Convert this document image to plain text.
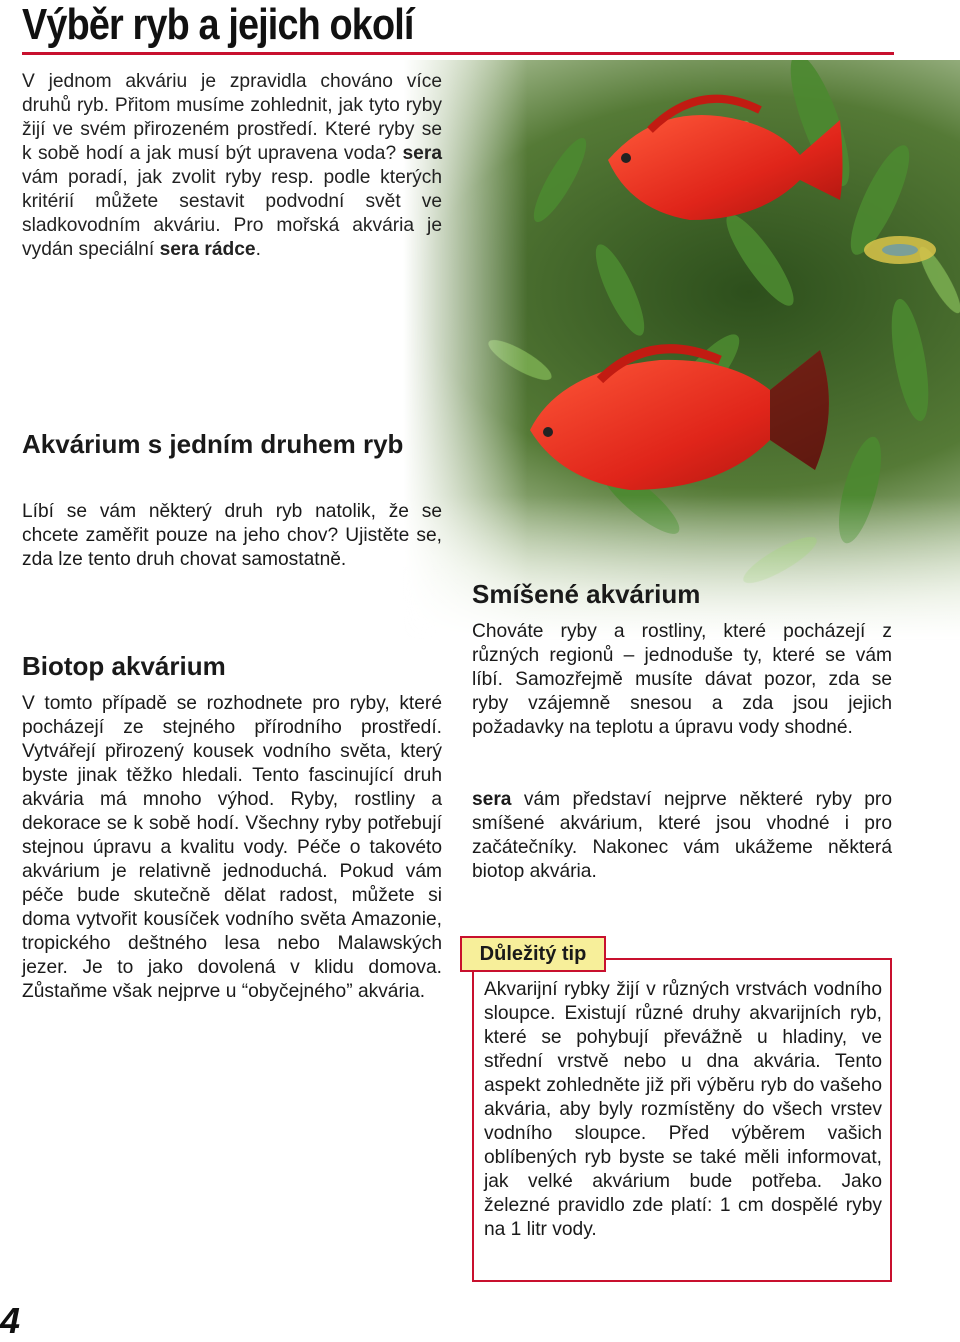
Výběr ryb a jejich okolí
V jednom akváriu je zpravidla chováno více druhů ryb. Přitom musíme zohlednit, jak tyto ryby žijí ve svém přirozeném prostředí. Které ryby se k sobě hodí a jak musí být upravena voda? sera vám poradí, jak zvolit ryby resp. podle kterých kritérií můžete sestavit podvodní svět ve sladkovodním akváriu. Pro mořská akvária je vydán speciální sera rádce.
Akvárium s jedním druhem ryb
Líbí se vám některý druh ryb natolik, že se chcete zaměřit pouze na jeho chov? Ujistěte se, zda lze tento druh chovat samostatně.
Biotop akvárium
V tomto případě se rozhodnete pro ryby, které pocházejí ze stejného přírodního prostředí. Vytvářejí přirozený kousek vodního světa, který byste jinak těžko hledali. Tento fascinující druh akvária má mnoho výhod. Ryby, rostliny a dekorace se k sobě hodí. Všechny ryby potřebují stejnou úpravu a kvalitu vody. Péče o takovéto akvárium je relativně jednoduchá. Pokud vám péče bude skutečně dělat radost, můžete si doma vytvořit kousíček vodního světa Amazonie, tropického deštného lesa nebo Malawských jezer. Je to jako dovolená v klidu domova. Zůstaňme však nejprve u “obyčejného” akvária.
Smíšené akvárium
Chováte ryby a rostliny, které pocházejí z různých regionů – jednoduše ty, které se vám líbí. Samozřejmě musíte dávat pozor, zda se ryby vzájemně snesou a zda jsou jejich požadavky na teplotu a úpravu vody shodné.
sera vám představí nejprve některé ryby pro smíšené akvárium, které jsou vhodné i pro začátečníky. Nakonec vám ukážeme některá biotop akvária.
Důležitý tip
Akvarijní rybky žijí v různých vrstvách vodního sloupce. Existují různé druhy akvarijních ryb, které se pohybují převážně u hladiny, ve střední vrstvě nebo u dna akvária. Tento aspekt zohledněte již při výběru ryb do vašeho akvária, aby byly rozmístěny do všech vrstev vodního sloupce. Před výběrem vašich oblíbených ryb byste se také měli informovat, jak velké akvárium bude potřeba. Jako železné pravidlo zde platí: 1 cm dospělé ryby na 1 litr vody.
4
